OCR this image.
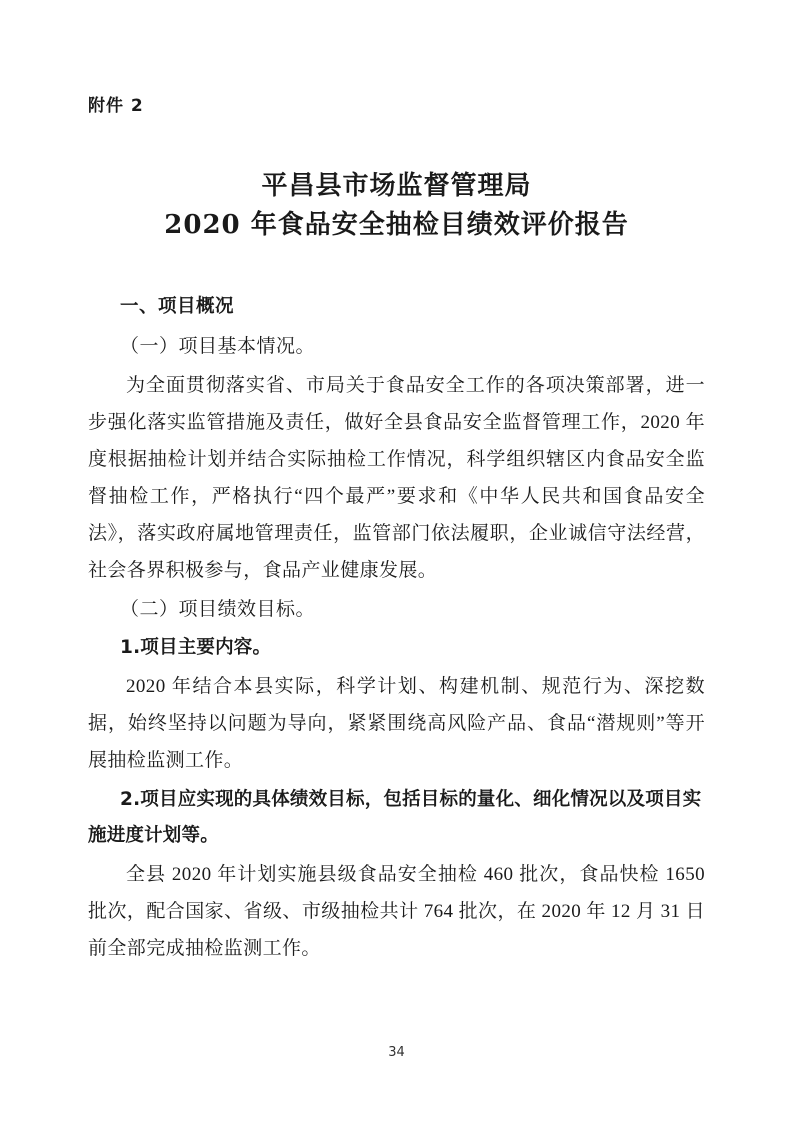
附件 2
平昌县市场监督管理局
2020 年食品安全抽检目绩效评价报告
一、项目概况
（一）项目基本情况。
为全面贯彻落实省、市局关于食品安全工作的各项决策部署，进一步强化落实监管措施及责任，做好全县食品安全监督管理工作，2020 年度根据抽检计划并结合实际抽检工作情况，科学组织辖区内食品安全监督抽检工作，严格执行“四个最严”要求和《中华人民共和国食品安全法》，落实政府属地管理责任，监管部门依法履职，企业诚信守法经营，社会各界积极参与，食品产业健康发展。
（二）项目绩效目标。
1.项目主要内容。
2020 年结合本县实际，科学计划、构建机制、规范行为、深挖数据，始终坚持以问题为导向，紧紧围绕高风险产品、食品“潜规则”等开展抽检监测工作。
2.项目应实现的具体绩效目标，包括目标的量化、细化情况以及项目实施进度计划等。
全县 2020 年计划实施县级食品安全抽检 460 批次，食品快检 1650 批次，配合国家、省级、市级抽检共计 764 批次，在 2020 年 12 月 31 日前全部完成抽检监测工作。
34
